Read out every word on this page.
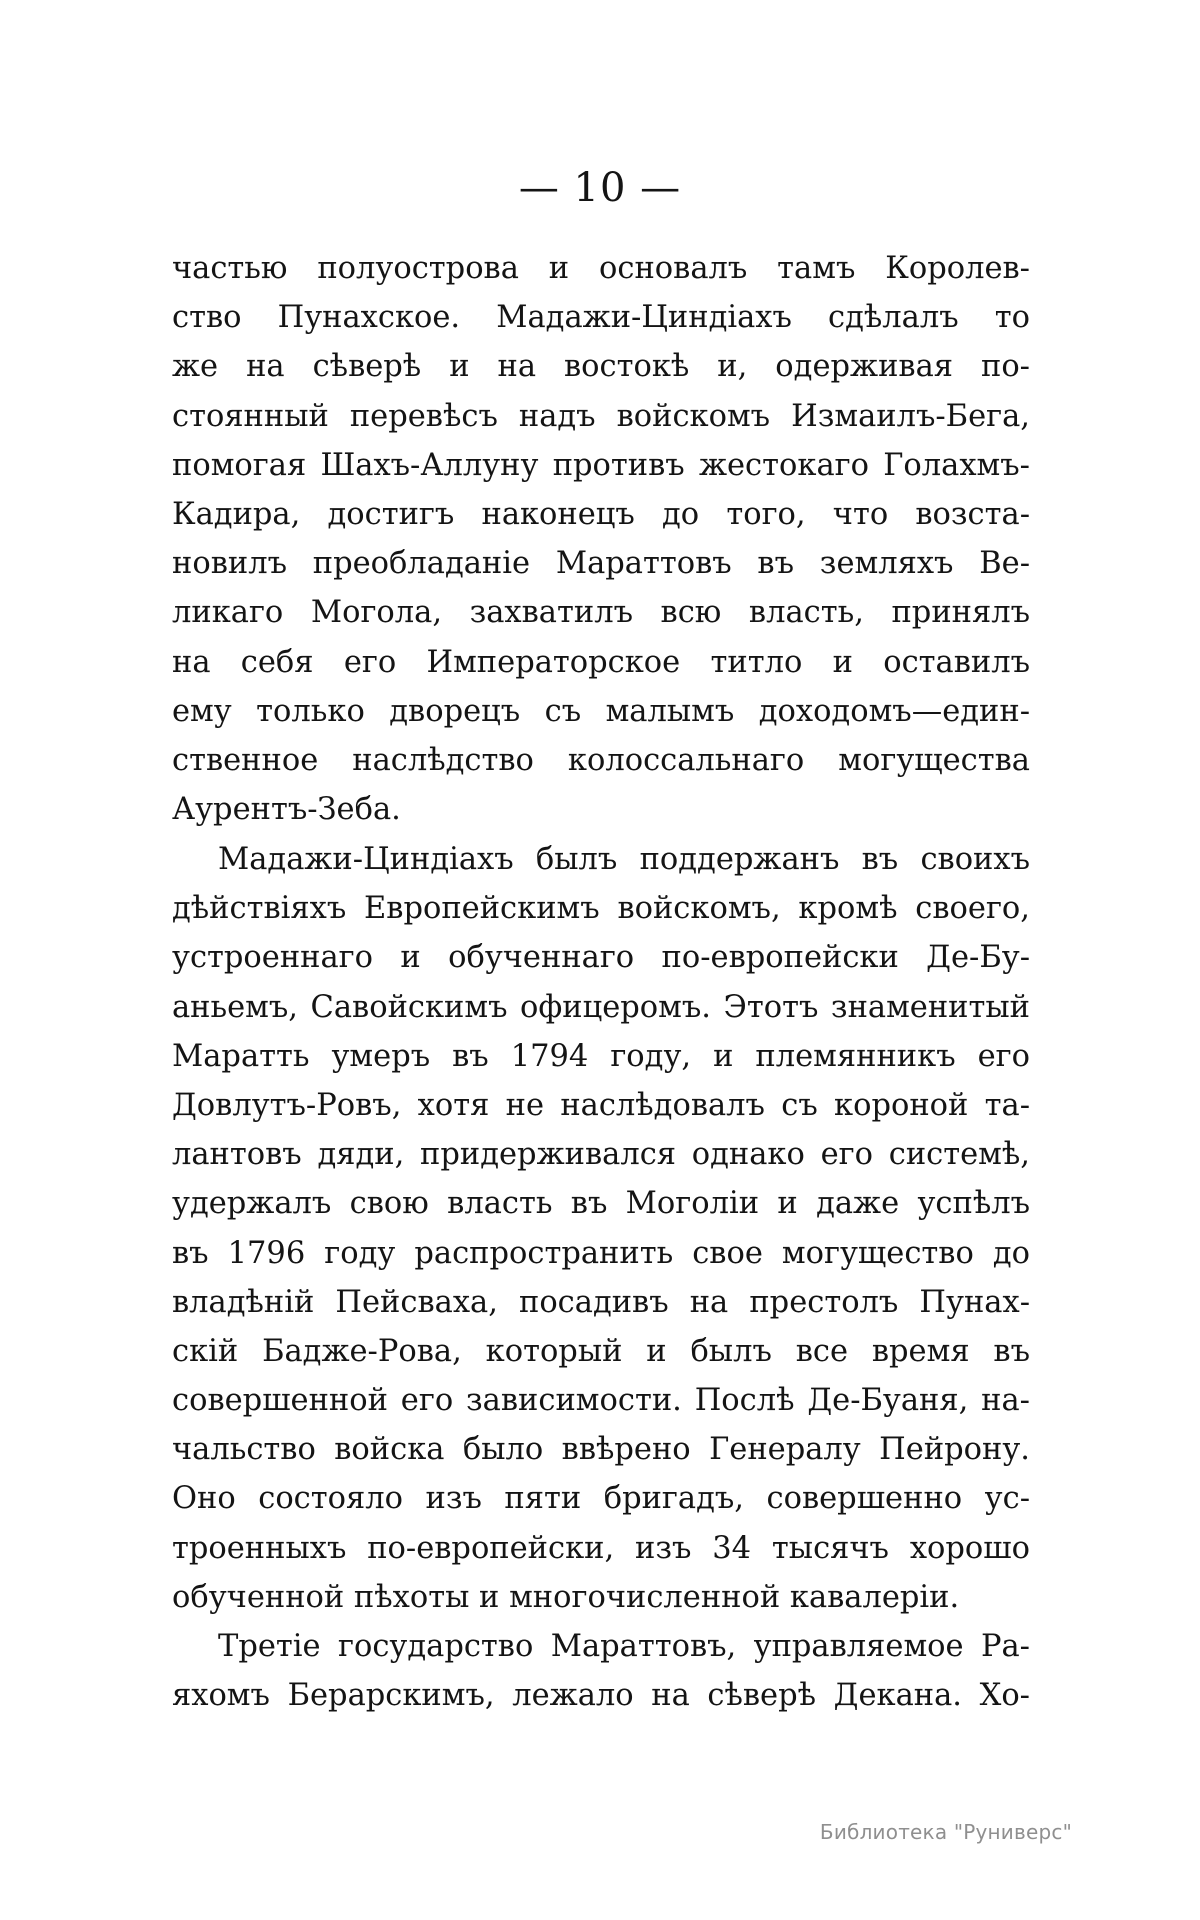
— 10 —
частью полуострова и основалъ тамъ Королев-
ство Пунахское. Мадажи-Циндіахъ сдѣлалъ то
же на сѣверѣ и на востокѣ и, одерживая по-
стоянный перевѣсъ надъ войскомъ Измаилъ-Бега,
помогая Шахъ-Аллуну противъ жестокаго Голахмъ-
Кадира, достигъ наконецъ до того, что возста-
новилъ преобладаніе Мараттовъ въ земляхъ Ве-
ликаго Могола, захватилъ всю власть, принялъ
на себя его Императорское титло и оставилъ
ему только дворецъ съ малымъ доходомъ—един-
ственное наслѣдство колоссальнаго могущества
Аурентъ-Зеба.
Мадажи-Циндіахъ былъ поддержанъ въ своихъ
дѣйствіяхъ Европейскимъ войскомъ, кромѣ своего,
устроеннаго и обученнаго по-европейски Де-Бу-
аньемъ, Савойскимъ офицеромъ. Этотъ знаменитый
Маратть умеръ въ 1794 году, и племянникъ его
Довлутъ-Ровъ, хотя не наслѣдовалъ съ короной та-
лантовъ дяди, придерживался однако его системѣ,
удержалъ свою власть въ Моголіи и даже успѣлъ
въ 1796 году распространить свое могущество до
владѣній Пейсваха, посадивъ на престолъ Пунах-
скій Бадже-Рова, который и былъ все время въ
совершенной его зависимости. Послѣ Де-Буаня, на-
чальство войска было ввѣрено Генералу Пейрону.
Оно состояло изъ пяти бригадъ, совершенно ус-
троенныхъ по-европейски, изъ 34 тысячъ хорошо
обученной пѣхоты и многочисленной кавалеріи.
Третіе государство Мараттовъ, управляемое Ра-
яхомъ Берарскимъ, лежало на сѣверѣ Декана. Хо-
Библиотека "Руниверс"
